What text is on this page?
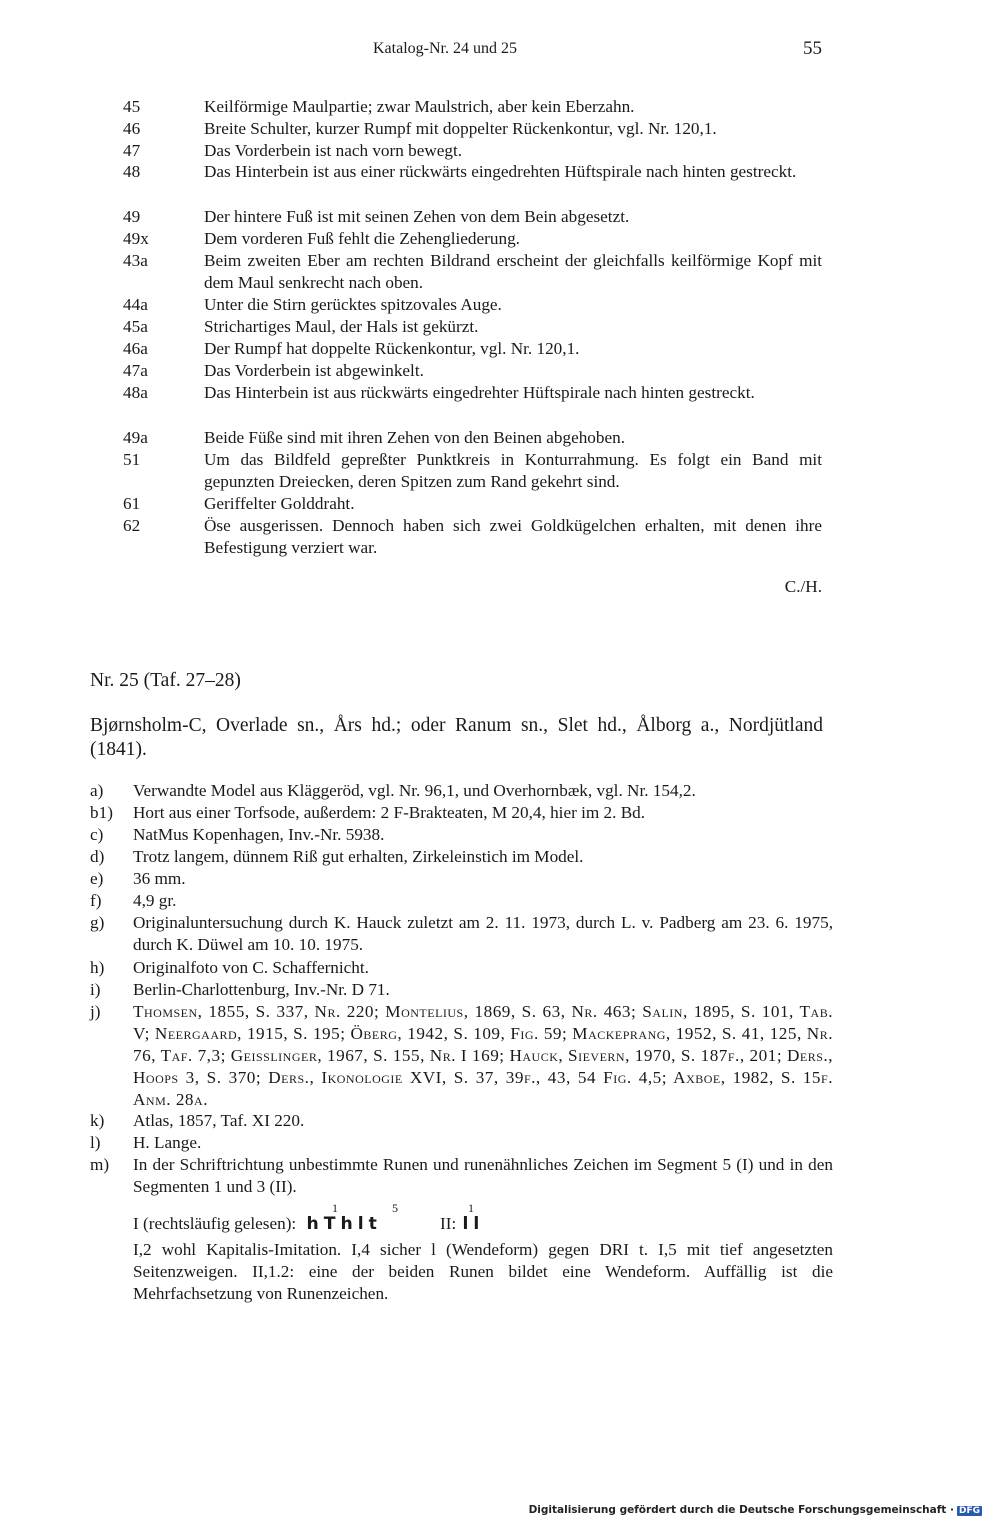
Katalog-Nr. 24 und 25	55
45	Keilförmige Maulpartie; zwar Maulstrich, aber kein Eberzahn.
46	Breite Schulter, kurzer Rumpf mit doppelter Rückenkontur, vgl. Nr. 120,1.
47	Das Vorderbein ist nach vorn bewegt.
48	Das Hinterbein ist aus einer rückwärts eingedrehten Hüftspirale nach hinten gestreckt.
49	Der hintere Fuß ist mit seinen Zehen von dem Bein abgesetzt.
49x	Dem vorderen Fuß fehlt die Zehengliederung.
43a	Beim zweiten Eber am rechten Bildrand erscheint der gleichfalls keilförmige Kopf mit dem Maul senkrecht nach oben.
44a	Unter die Stirn gerücktes spitzovales Auge.
45a	Strichartiges Maul, der Hals ist gekürzt.
46a	Der Rumpf hat doppelte Rückenkontur, vgl. Nr. 120,1.
47a	Das Vorderbein ist abgewinkelt.
48a	Das Hinterbein ist aus rückwärts eingedrehter Hüftspirale nach hinten gestreckt.
49a	Beide Füße sind mit ihren Zehen von den Beinen abgehoben.
51	Um das Bildfeld gepreßter Punktkreis in Konturrahmung. Es folgt ein Band mit gepunzten Dreiecken, deren Spitzen zum Rand gekehrt sind.
61	Geriffelter Golddraht.
62	Öse ausgerissen. Dennoch haben sich zwei Goldkügelchen erhalten, mit denen ihre Befestigung verziert war.
C./H.
Nr. 25 (Taf. 27–28)
Bjørnsholm-C, Overlade sn., Års hd.; oder Ranum sn., Slet hd., Ålborg a., Nordjütland (1841).
a)	Verwandte Model aus Kläggeröd, vgl. Nr. 96,1, und Overhornbæk, vgl. Nr. 154,2.
b1)	Hort aus einer Torfsode, außerdem: 2 F-Brakteaten, M 20,4, hier im 2. Bd.
c)	NatMus Kopenhagen, Inv.-Nr. 5938.
d)	Trotz langem, dünnem Riß gut erhalten, Zirkeleinstich im Model.
e)	36 mm.
f)	4,9 gr.
g)	Originaluntersuchung durch K. Hauck zuletzt am 2. 11. 1973, durch L. v. Padberg am 23. 6. 1975, durch K. Düwel am 10. 10. 1975.
h)	Originalfoto von C. Schaffernicht.
i)	Berlin-Charlottenburg, Inv.-Nr. D 71.
j)	Thomsen, 1855, S. 337, Nr. 220; Montelius, 1869, S. 63, Nr. 463; Salin, 1895, S. 101, Tab. V; Neergaard, 1915, S. 195; Öberg, 1942, S. 109, Fig. 59; Mackeprang, 1952, S. 41, 125, Nr. 76, Taf. 7,3; Geisslinger, 1967, S. 155, Nr. I 169; Hauck, Sievern, 1970, S. 187f., 201; Ders., Hoops 3, S. 370; Ders., Ikonologie XVI, S. 37, 39f., 43, 54 Fig. 4,5; Axboe, 1982, S. 15f. Anm. 28a.
k)	Atlas, 1857, Taf. XI 220.
l)	H. Lange.
m)	In der Schriftrichtung unbestimmte Runen und runenähnliches Zeichen im Segment 5 (I) und in den Segmenten 1 und 3 (II).
1	5	1
I (rechtsläufig gelesen): hThlt	II: ll
I,2 wohl Kapitalis-Imitation. I,4 sicher l (Wendeform) gegen DRI t. I,5 mit tief angesetzten Seitenzweigen. II,1.2: eine der beiden Runen bildet eine Wendeform. Auffällig ist die Mehrfachsetzung von Runenzeichen.
Digitalisierung gefördert durch die Deutsche Forschungsgemeinschaft · DFG
